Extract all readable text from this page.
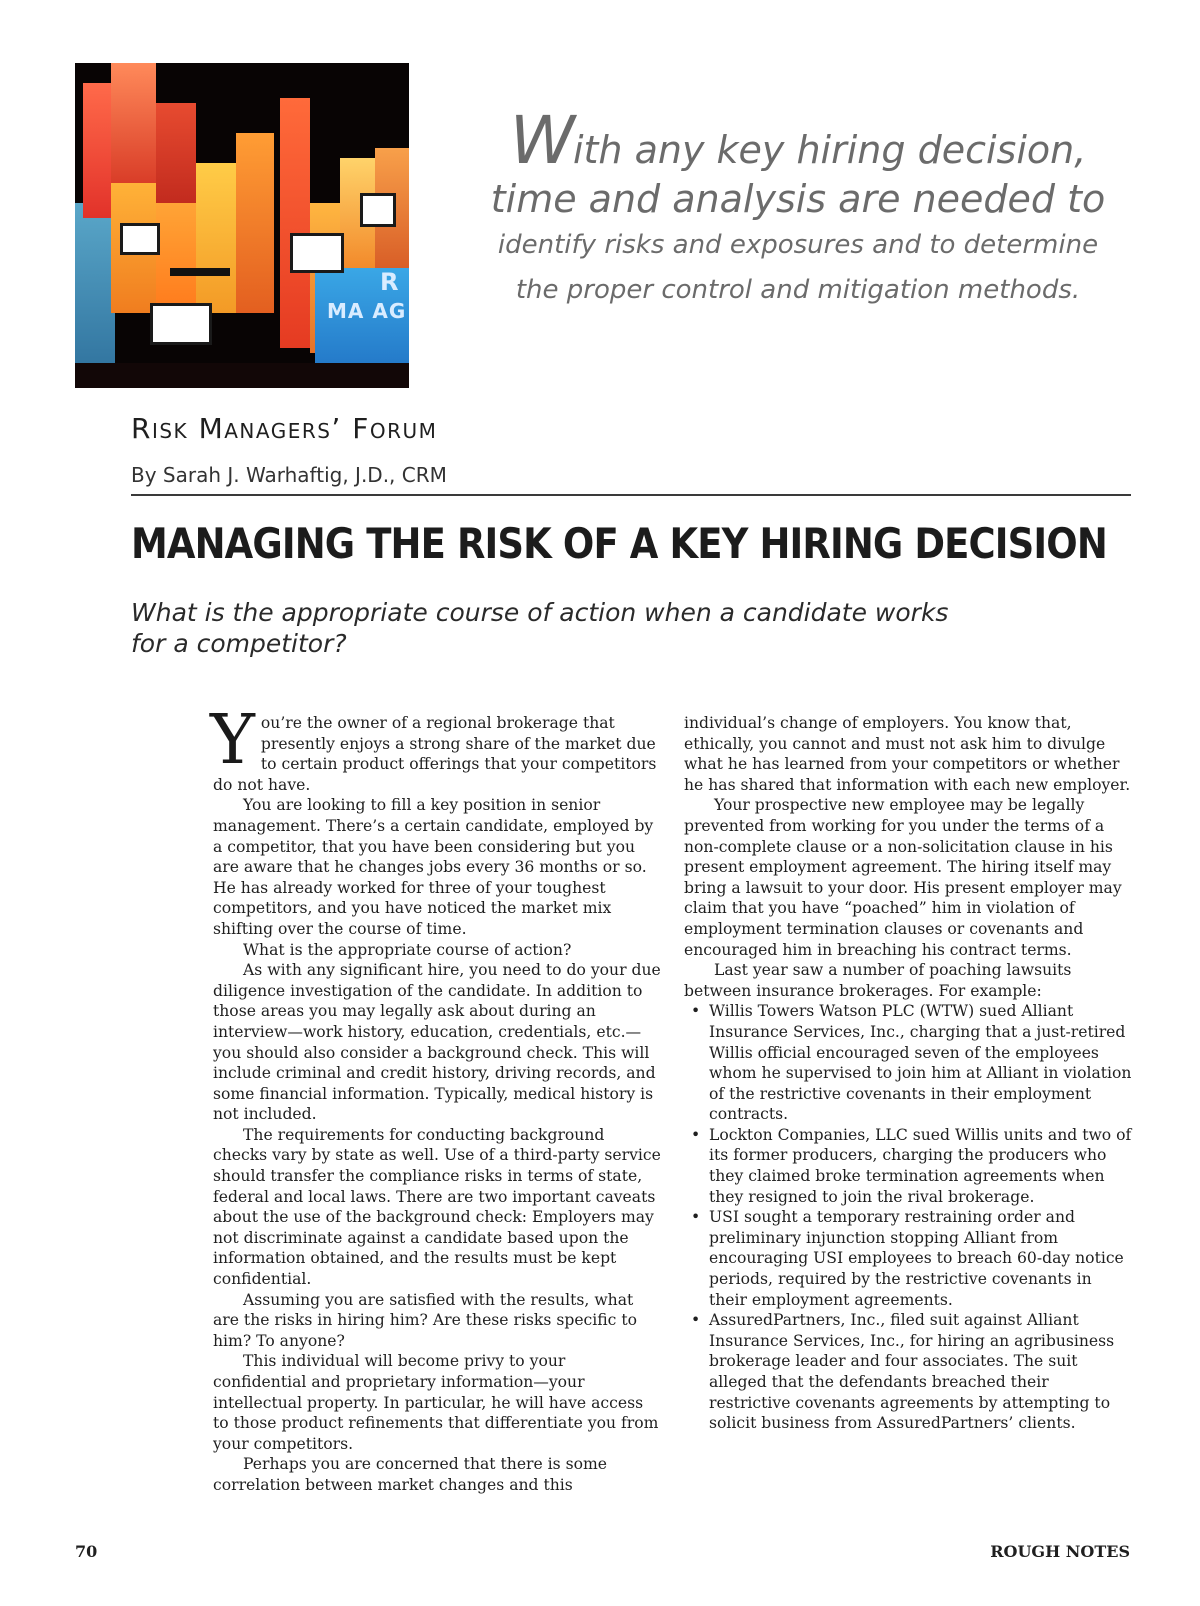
R
MA AG
With any key hiring decision,
time and analysis are needed to
identify risks and exposures and to determine
the proper control and mitigation methods.
Risk Managers’ Forum
By Sarah J. Warhaftig, J.D., CRM
MANAGING THE RISK OF A KEY HIRING DECISION
What is the appropriate course of action when a candidate works for a competitor?

You’re the owner of a regional brokerage that presently enjoys a strong share of the market due to certain product offerings that your competitors do not have.

You are looking to fill a key position in senior management. There’s a certain candidate, employed by a competitor, that you have been considering but you are aware that he changes jobs every 36 months or so. He has already worked for three of your toughest competitors, and you have noticed the market mix shifting over the course of time.

What is the appropriate course of action?

As with any significant hire, you need to do your due diligence investigation of the candidate. In addition to those areas you may legally ask about during an interview—work history, education, credentials, etc.—you should also consider a background check. This will include criminal and credit history, driving records, and some financial information. Typically, medical history is not included.

The requirements for conducting background checks vary by state as well. Use of a third-party service should transfer the compliance risks in terms of state, federal and local laws. There are two important caveats about the use of the background check: Employers may not discriminate against a candidate based upon the information obtained, and the results must be kept confidential.

Assuming you are satisfied with the results, what are the risks in hiring him? Are these risks specific to him? To anyone?

This individual will become privy to your confidential and proprietary information—your intellectual property. In particular, he will have access to those product refinements that differentiate you from your competitors.

Perhaps you are concerned that there is some correlation between market changes and this

individual’s change of employers. You know that, ethically, you cannot and must not ask him to divulge what he has learned from your competitors or whether he has shared that information with each new employer.

Your prospective new employee may be legally prevented from working for you under the terms of a non-complete clause or a non-solicitation clause in his present employment agreement. The hiring itself may bring a lawsuit to your door. His present employer may claim that you have “poached” him in violation of employment termination clauses or covenants and encouraged him in breaching his contract terms.

Last year saw a number of poaching lawsuits between insurance brokerages. For example:

• Willis Towers Watson PLC (WTW) sued Alliant Insurance Services, Inc., charging that a just-retired Willis official encouraged seven of the employees whom he supervised to join him at Alliant in violation of the restrictive covenants in their employment contracts.
• Lockton Companies, LLC sued Willis units and two of its former producers, charging the producers who they claimed broke termination agreements when they resigned to join the rival brokerage.
• USI sought a temporary restraining order and preliminary injunction stopping Alliant from encouraging USI employees to breach 60-day notice periods, required by the restrictive covenants in their employment agreements.
• AssuredPartners, Inc., filed suit against Alliant Insurance Services, Inc., for hiring an agribusiness brokerage leader and four associates. The suit alleged that the defendants breached their restrictive covenants agreements by attempting to solicit business from AssuredPartners’ clients.
70	ROUGH NOTES
